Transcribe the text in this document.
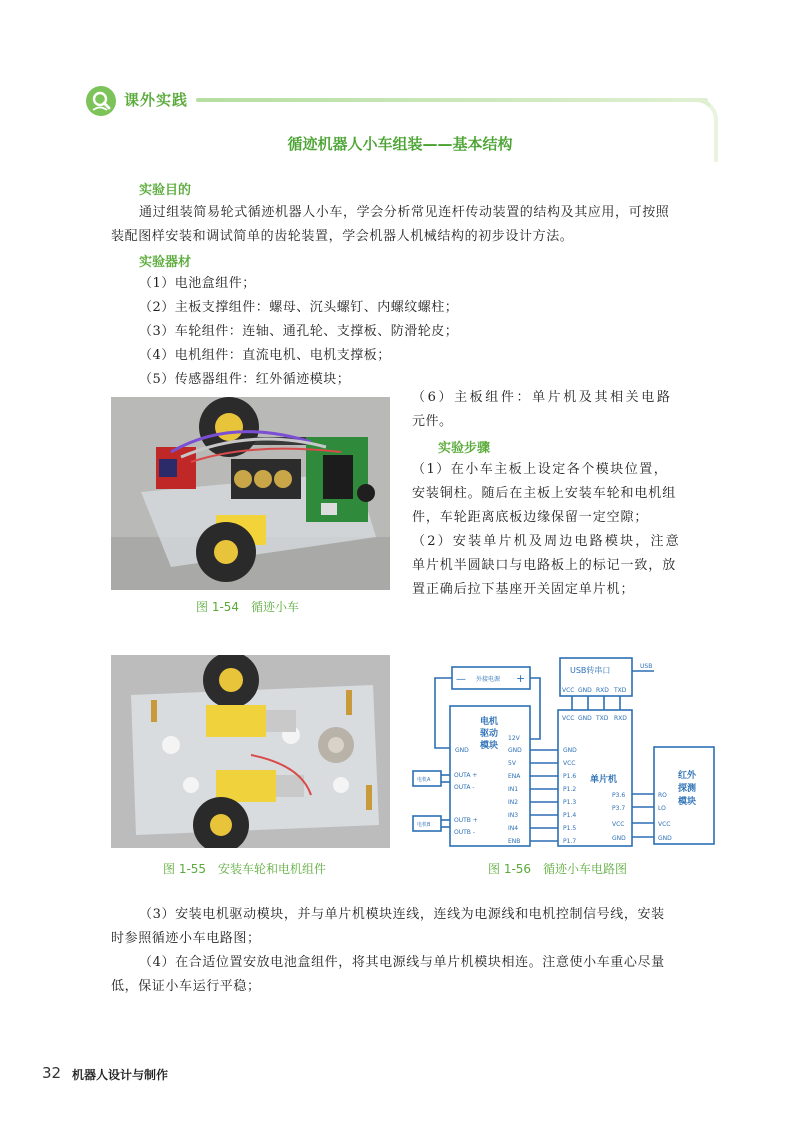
课外实践
循迹机器人小车组装——基本结构
实验目的
通过组装简易轮式循迹机器人小车，学会分析常见连杆传动装置的结构及其应用，可按照
装配图样安装和调试简单的齿轮装置，学会机器人机械结构的初步设计方法。
实验器材
（1）电池盒组件；
（2）主板支撑组件：螺母、沉头螺钉、内螺纹螺柱；
（3）车轮组件：连轴、通孔轮、支撑板、防滑轮皮；
（4）电机组件：直流电机、电机支撑板；
（5）传感器组件：红外循迹模块；
图 1-54　循迹小车
（6）主板组件：单片机及其相关电路
元件。
实验步骤
（1）在小车主板上设定各个模块位置，
安装铜柱。随后在主板上安装车轮和电机组
件，车轮距离底板边缘保留一定空隙；
（2）安装单片机及周边电路模块，注意
单片机半圆缺口与电路板上的标记一致，放
置正确后拉下基座开关固定单片机；
图 1-55　安装车轮和电机组件
— 外接电源 +
USB转串口	USB
VCC GND RXD TXD
VCC GND TXD RXD
电机
驱动
模块
GND
12V
GND
5V
ENA
IN1
IN2
IN3
IN4
ENB
OUTA +
OUTA -
OUTB +
OUTB -
电机A
电机B
GND
VCC
P1.6
P1.2
P1.3
P1.4
P1.5
P1.7
单片机
P3.6
P3.7
VCC
GND
红外
探测
模块
RO
LO
VCC
GND
图 1-56　循迹小车电路图
（3）安装电机驱动模块，并与单片机模块连线，连线为电源线和电机控制信号线，安装
时参照循迹小车电路图；
（4）在合适位置安放电池盒组件，将其电源线与单片机模块相连。注意使小车重心尽量
低，保证小车运行平稳；
32 机器人设计与制作
